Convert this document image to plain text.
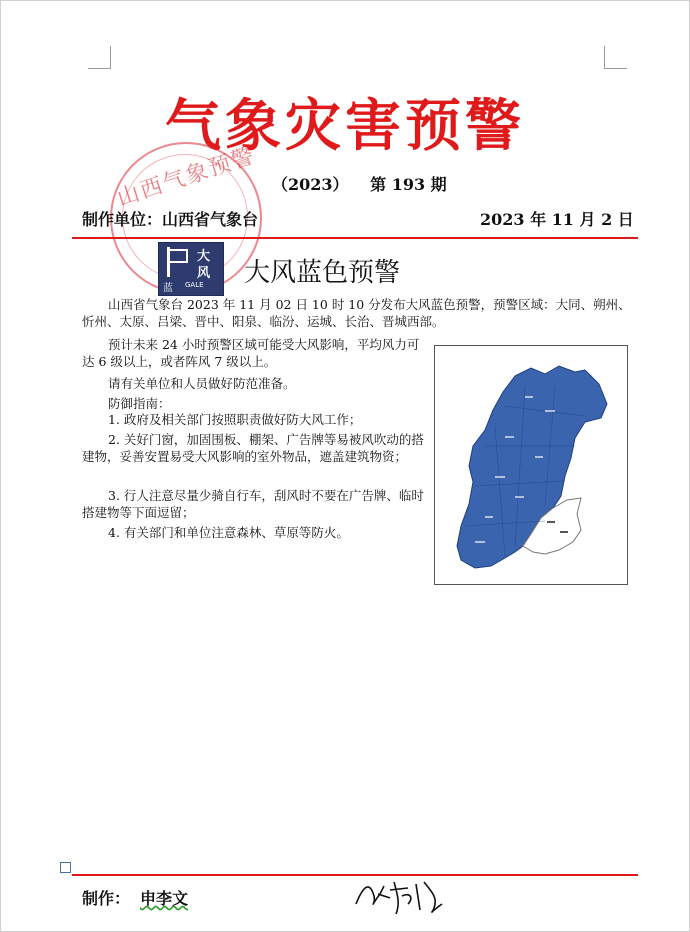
气象灾害预警
山西气象预警 （2023） 第 193 期
制作单位：山西省气象台	2023 年 11 月 2 日
大
风
蓝 GALE 大风蓝色预警
山西省气象台 2023 年 11 月 02 日 10 时 10 分发布大风蓝色预警，预警区域：大同、朔州、忻州、太原、吕梁、晋中、阳泉、临汾、运城、长治、晋城西部。
预计未来 24 小时预警区域可能受大风影响，平均风力可达 6 级以上，或者阵风 7 级以上。
请有关单位和人员做好防范准备。
防御指南：
1. 政府及相关部门按照职责做好防大风工作；
2. 关好门窗，加固围板、棚架、广告牌等易被风吹动的搭建物，妥善安置易受大风影响的室外物品，遮盖建筑物资；
3. 行人注意尽量少骑自行车，刮风时不要在广告牌、临时搭建物等下面逗留；
4. 有关部门和单位注意森林、草原等防火。
制作： 申李文
